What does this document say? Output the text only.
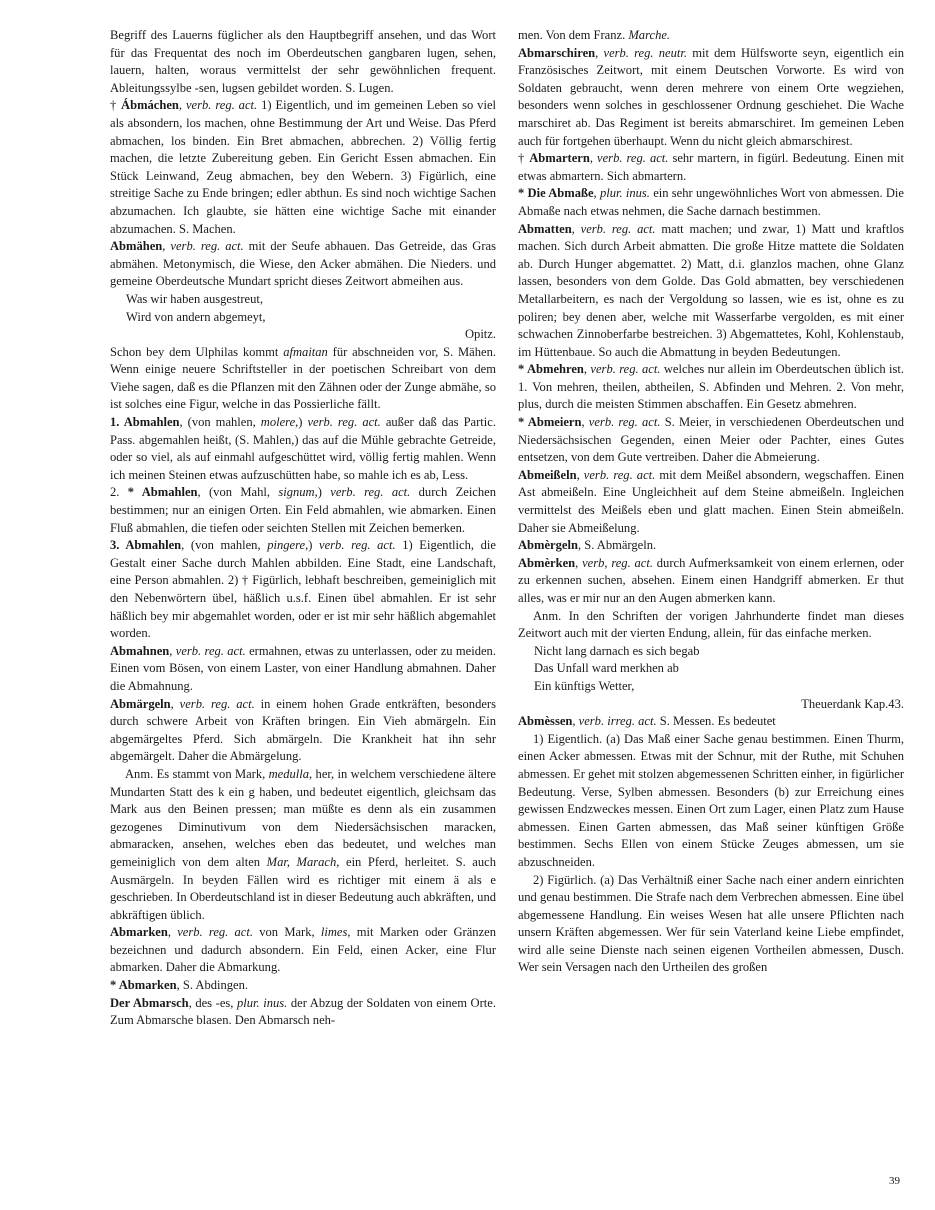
Begriff des Lauerns füglicher als den Hauptbegriff ansehen, und das Wort für das Frequentat des noch im Oberdeutschen gangbaren lugen, sehen, lauern, halten, woraus vermittelst der sehr gewöhnlichen frequent. Ableitungssylbe -sen, lugsen gebildet worden. S. Lugen.

† Ábmáchen, verb. reg. act. 1) Eigentlich, und im gemeinen Leben so viel als absondern, los machen, ohne Bestimmung der Art und Weise. Das Pferd abmachen, los binden. Ein Bret abmachen, abbrechen. 2) Völlig fertig machen, die letzte Zubereitung geben. Ein Gericht Essen abmachen. Ein Stück Leinwand, Zeug abmachen, bey den Webern. 3) Figürlich, eine streitige Sache zu Ende bringen; edler abthun. Es sind noch wichtige Sachen abzumachen. Ich glaubte, sie hätten eine wichtige Sache mit einander abzumachen. S. Machen.

Abmähen, verb. reg. act. mit der Seufe abhauen. Das Getreide, das Gras abmähen. Metonymisch, die Wiese, den Acker abmähen. Die Nieders. und gemeine Oberdeutsche Mundart spricht dieses Zeitwort abmeihen aus.

Was wir haben ausgestreut,

Wird von andern abgemeyt,

Opitz.

Schon bey dem Ulphilas kommt afmaitan für abschneiden vor, S. Mähen. Wenn einige neuere Schriftsteller in der poetischen Schreibart von dem Viehe sagen, daß es die Pflanzen mit den Zähnen oder der Zunge abmähe, so ist solches eine Figur, welche in das Possierliche fällt.

1. Abmahlen, (von mahlen, molere,) verb. reg. act. außer daß das Partic. Pass. abgemahlen heißt, (S. Mahlen,) das auf die Mühle gebrachte Getreide, oder so viel, als auf einmahl aufgeschüttet wird, völlig fertig mahlen. Wenn ich meinen Steinen etwas aufzuschütten habe, so mahle ich es ab, Less.

2. * Abmahlen, (von Mahl, signum,) verb. reg. act. durch Zeichen bestimmen; nur an einigen Orten. Ein Feld abmahlen, wie abmarken. Einen Fluß abmahlen, die tiefen oder seichten Stellen mit Zeichen bemerken.

3. Abmahlen, (von mahlen, pingere,) verb. reg. act. 1) Eigentlich, die Gestalt einer Sache durch Mahlen abbilden. Eine Stadt, eine Landschaft, eine Person abmahlen. 2) † Figürlich, lebhaft beschreiben, gemeiniglich mit den Nebenwörtern übel, häßlich u.s.f. Einen übel abmahlen. Er ist sehr häßlich bey mir abgemahlet worden, oder er ist mir sehr häßlich abgemahlet worden.

Abmahnen, verb. reg. act. ermahnen, etwas zu unterlassen, oder zu meiden. Einen vom Bösen, von einem Laster, von einer Handlung abmahnen. Daher die Abmahnung.

Abmärgeln, verb. reg. act. in einem hohen Grade entkräften, besonders durch schwere Arbeit von Kräften bringen. Ein Vieh abmärgeln. Ein abgemärgeltes Pferd. Sich abmärgeln. Die Krankheit hat ihn sehr abgemärgelt. Daher die Abmärgelung.

Anm. Es stammt von Mark, medulla, her, in welchem verschiedene ältere Mundarten Statt des k ein g haben, und bedeutet eigentlich, gleichsam das Mark aus den Beinen pressen; man müßte es denn als ein zusammen gezogenes Diminutivum von dem Niedersächsischen maracken, abmaracken, ansehen, welches eben das bedeutet, und welches man gemeiniglich von dem alten Mar, Marach, ein Pferd, herleitet. S. auch Ausmärgeln. In beyden Fällen wird es richtiger mit einem ä als e geschrieben. In Oberdeutschland ist in dieser Bedeutung auch abkräften, und abkräftigen üblich.

Abmarken, verb. reg. act. von Mark, limes, mit Marken oder Gränzen bezeichnen und dadurch absondern. Ein Feld, einen Acker, eine Flur abmarken. Daher die Abmarkung.

* Abmarken, S. Abdingen.

Der Abmarsch, des -es, plur. inus. der Abzug der Soldaten von einem Orte. Zum Abmarsche blasen. Den Abmarsch neh-

men. Von dem Franz. Marche.

Abmarschiren, verb. reg. neutr. mit dem Hülfsworte seyn, eigentlich ein Französisches Zeitwort, mit einem Deutschen Vorworte. Es wird von Soldaten gebraucht, wenn deren mehrere von einem Orte wegziehen, besonders wenn solches in geschlossener Ordnung geschiehet. Die Wache marschiret ab. Das Regiment ist bereits abmarschiret. Im gemeinen Leben auch für fortgehen überhaupt. Wenn du nicht gleich abmarschirest.

† Abmartern, verb. reg. act. sehr martern, in figürl. Bedeutung. Einen mit etwas abmartern. Sich abmartern.

* Die Abmaße, plur. inus. ein sehr ungewöhnliches Wort von abmessen. Die Abmaße nach etwas nehmen, die Sache darnach bestimmen.

Abmatten, verb. reg. act. matt machen; und zwar, 1) Matt und kraftlos machen. Sich durch Arbeit abmatten. Die große Hitze mattete die Soldaten ab. Durch Hunger abgemattet. 2) Matt, d.i. glanzlos machen, ohne Glanz lassen, besonders von dem Golde. Das Gold abmatten, bey verschiedenen Metallarbeitern, es nach der Vergoldung so lassen, wie es ist, ohne es zu poliren; bey denen aber, welche mit Wasserfarbe vergolden, es mit einer schwachen Zinnoberfarbe bestreichen. 3) Abgemattetes, Kohl, Kohlenstaub, im Hüttenbaue. So auch die Abmattung in beyden Bedeutungen.

* Abmehren, verb. reg. act. welches nur allein im Oberdeutschen üblich ist. 1. Von mehren, theilen, abtheilen, S. Abfinden und Mehren. 2. Von mehr, plus, durch die meisten Stimmen abschaffen. Ein Gesetz abmehren.

* Abmeiern, verb. reg. act. S. Meier, in verschiedenen Oberdeutschen und Niedersächsischen Gegenden, einen Meier oder Pachter, eines Gutes entsetzen, von dem Gute vertreiben. Daher die Abmeierung.

Abmeißeln, verb. reg. act. mit dem Meißel absondern, wegschaffen. Einen Ast abmeißeln. Eine Ungleichheit auf dem Steine abmeißeln. Ingleichen vermittelst des Meißels eben und glatt machen. Einen Stein abmeißeln. Daher sie Abmeißelung.

Abmèrgeln, S. Abmärgeln.

Abmèrken, verb, reg. act. durch Aufmerksamkeit von einem erlernen, oder zu erkennen suchen, absehen. Einem einen Handgriff abmerken. Er thut alles, was er mir nur an den Augen abmerken kann.

Anm. In den Schriften der vorigen Jahrhunderte findet man dieses Zeitwort auch mit der vierten Endung, allein, für das einfache merken.

Nicht lang darnach es sich begab

Das Unfall ward merkhen ab

Ein künftigs Wetter,

Theuerdank Kap.43.

Abmèssen, verb. irreg. act. S. Messen. Es bedeutet

1) Eigentlich. (a) Das Maß einer Sache genau bestimmen. Einen Thurm, einen Acker abmessen. Etwas mit der Schnur, mit der Ruthe, mit Schuhen abmessen. Er gehet mit stolzen abgemessenen Schritten einher, in figürlicher Bedeutung. Verse, Sylben abmessen. Besonders (b) zur Erreichung eines gewissen Endzweckes messen. Einen Ort zum Lager, einen Platz zum Hause abmessen. Einen Garten abmessen, das Maß seiner künftigen Größe bestimmen. Sechs Ellen von einem Stücke Zeuges abmessen, um sie abzuschneiden.

2) Figürlich. (a) Das Verhältniß einer Sache nach einer andern einrichten und genau bestimmen. Die Strafe nach dem Verbrechen abmessen. Eine übel abgemessene Handlung. Ein weises Wesen hat alle unsere Pflichten nach unsern Kräften abgemessen. Wer für sein Vaterland keine Liebe empfindet, wird alle seine Dienste nach seinen eigenen Vortheilen abmessen, Dusch. Wer sein Versagen nach den Urtheilen des großen

39
